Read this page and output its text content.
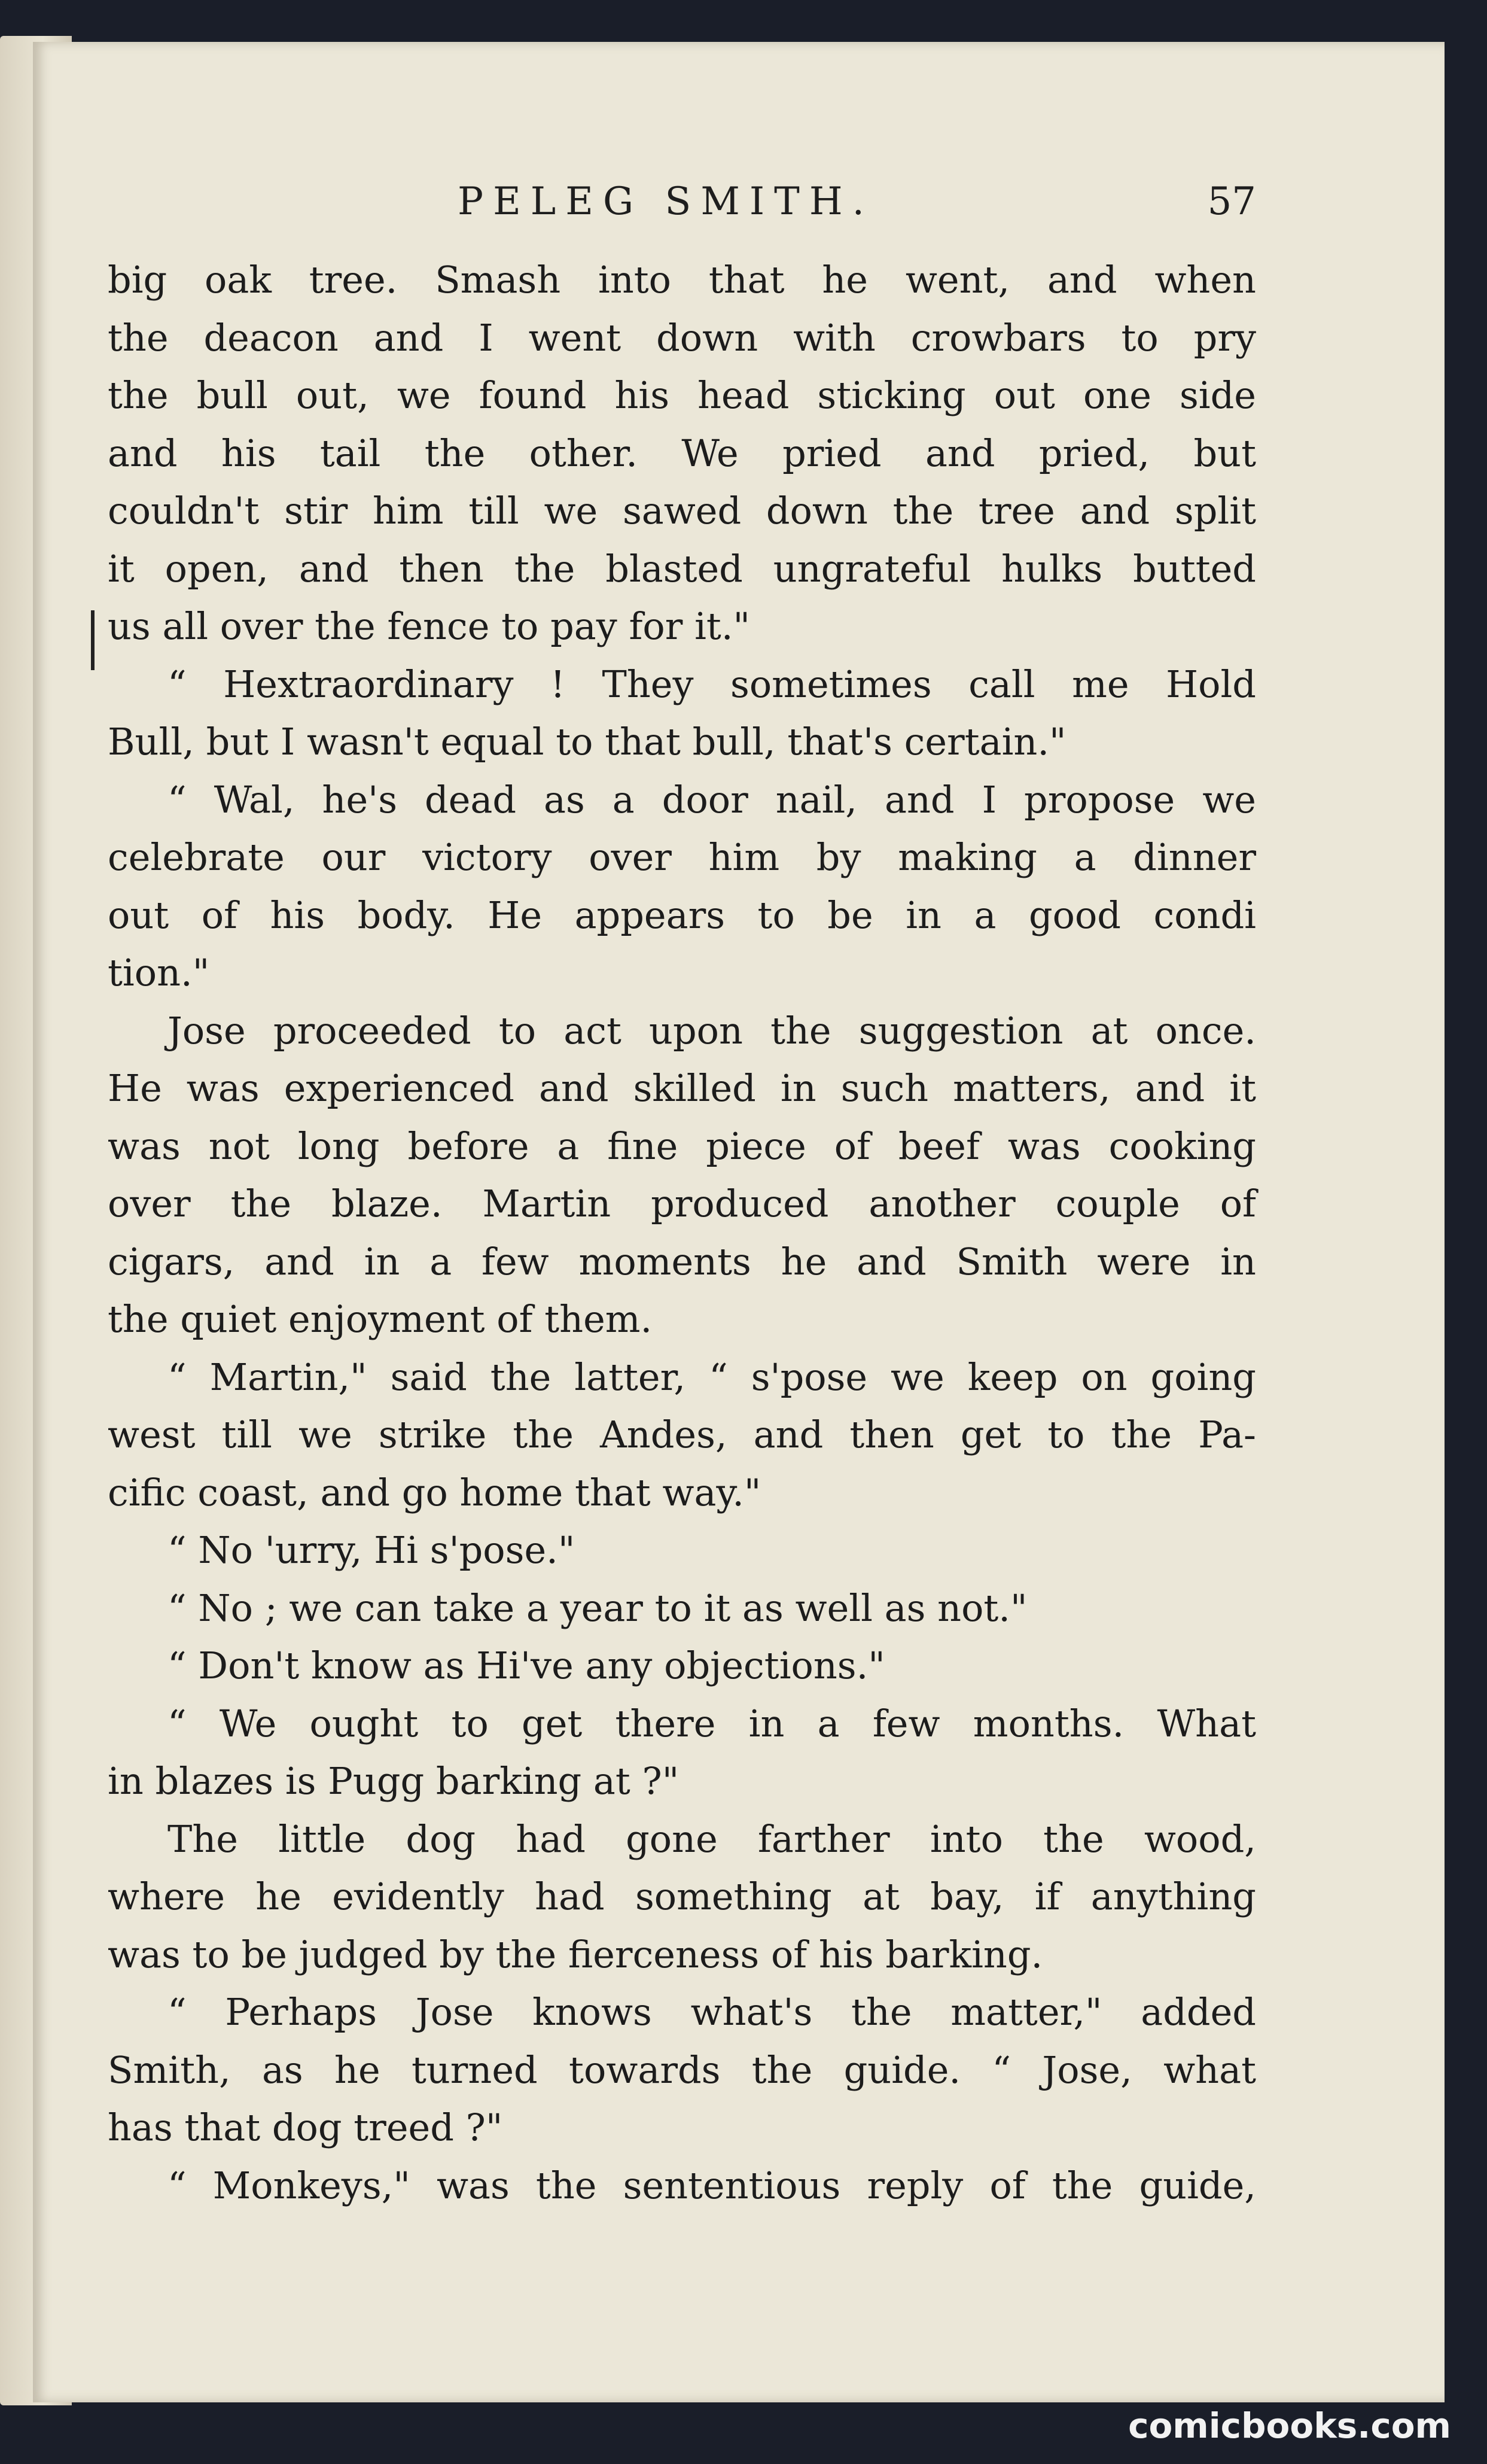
PELEG SMITH.	57
big oak tree. Smash into that he went, and when
the deacon and I went down with crowbars to pry
the bull out, we found his head sticking out one side
and his tail the other. We pried and pried, but
couldn't stir him till we sawed down the tree and split
it open, and then the blasted ungrateful hulks butted
us all over the fence to pay for it."
“ Hextraordinary ! They sometimes call me Hold
Bull, but I wasn't equal to that bull, that's certain."
“ Wal, he's dead as a door nail, and I propose we
celebrate our victory over him by making a dinner
out of his body. He appears to be in a good condi
tion."
Jose proceeded to act upon the suggestion at once.
He was experienced and skilled in such matters, and it
was not long before a fine piece of beef was cooking
over the blaze. Martin produced another couple of
cigars, and in a few moments he and Smith were in
the quiet enjoyment of them.
“ Martin," said the latter, “ s'pose we keep on going
west till we strike the Andes, and then get to the Pa-
cific coast, and go home that way."
“ No 'urry, Hi s'pose."
“ No ; we can take a year to it as well as not."
“ Don't know as Hi've any objections."
“ We ought to get there in a few months. What
in blazes is Pugg barking at ?"
The little dog had gone farther into the wood,
where he evidently had something at bay, if anything
was to be judged by the fierceness of his barking.
“ Perhaps Jose knows what's the matter," added
Smith, as he turned towards the guide. “ Jose, what
has that dog treed ?"
“ Monkeys," was the sententious reply of the guide,
comicbooks.com
